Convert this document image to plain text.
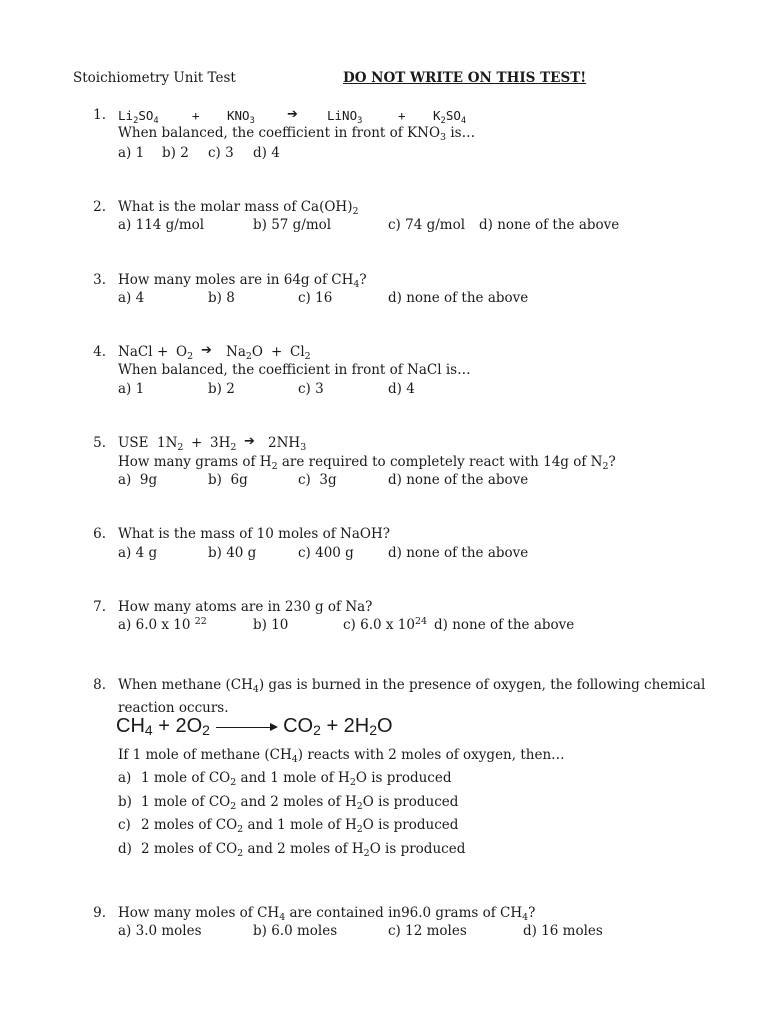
Stoichiometry Unit Test	DO NOT WRITE ON THIS TEST!
1. $Li_2SO_4$	+ $KNO_3$ ➔ LiNO$_3$	+ $K_2SO_4$
When balanced, the coefficient in front of $KNO_3$ is…
a) 1 b) 2 c) 3 d) 4
2. What is the molar mass of $Ca(OH)_2$
a) 114 g/mol	b) 57 g/mol	c) 74 g/mol d) none of the above
3. How many moles are in 64g of $CH_4$?
a) 4	b) 8	c) 16	d) none of the above
4. NaCl + $O_2$ ➔ $Na_2O + Cl_2$
When balanced, the coefficient in front of NaCl is…
a) 1	b) 2	c) 3	d) 4
5. USE $1N_2 + 3H_2$ ➔ $2NH_3$
How many grams of $H_2$ are required to completely react with 14g of $N_2$?
a)  9g	b)  6g	c)  3g	d) none of the above
6. What is the mass of 10 moles of NaOH?
a) 4 g	b) 40 g	c) 400 g	d) none of the above
7. How many atoms are in 230 g of Na?
a) 6.0 x 10 $^{22}$	b) 10	c) 6.0 x $10^{24}$ d) none of the above
8. When methane $(CH_4)$ gas is burned in the presence of oxygen, the following chemical
reaction occurs.
$CH_4 + 2O_2$	$CO_2 + 2H_2O$
If 1 mole of methane $(CH_4)$ reacts with 2 moles of oxygen, then…
a) 1 mole of $CO_2$ and 1 mole of $H_2O$ is produced
b) 1 mole of $CO_2$ and 2 moles of $H_2O$ is produced
c) 2 moles of $CO_2$ and 1 mole of $H_2O$ is produced
d) 2 moles of $CO_2$ and 2 moles of $H_2O$ is produced
9. How many moles of $CH_4$ are contained in96.0 grams of $CH_4$?
a) 3.0 moles	b) 6.0 moles	c) 12 moles	d) 16 moles
